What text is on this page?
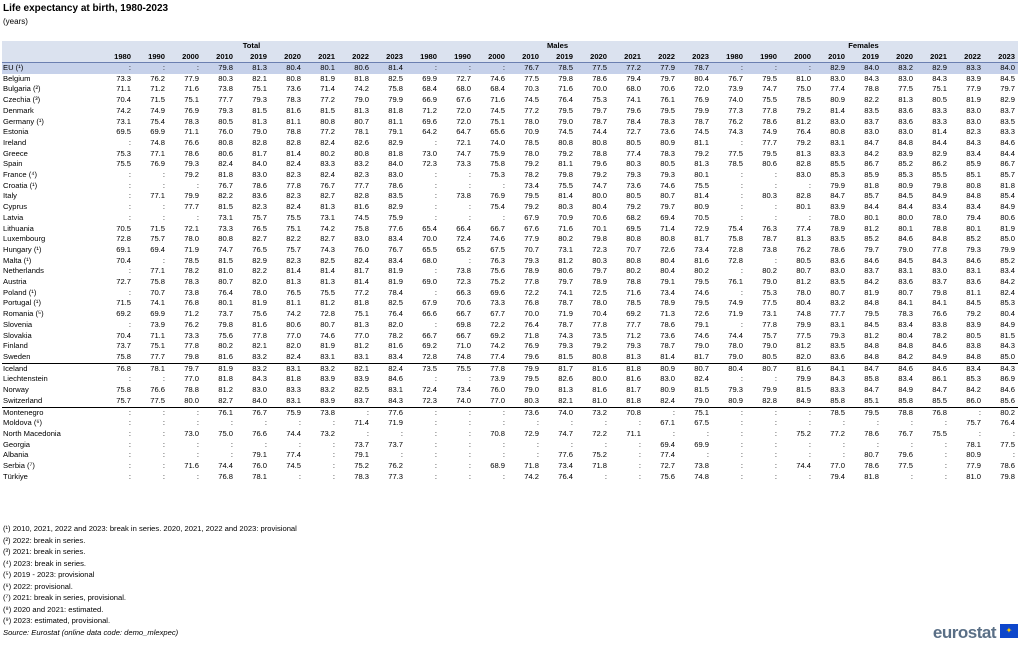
Life expectancy at birth, 1980-2023
(years)
	Total									Males									Females								
	1980	1990	2000	2010	2019	2020	2021	2022	2023	1980	1990	2000	2010	2019	2020	2021	2022	2023	1980	1990	2000	2010	2019	2020	2021	2022	2023
EU (¹)	:	:	:	79.8	81.3	80.4	80.1	80.6	81.4	:	:	:	76.7	78.5	77.5	77.2	77.9	78.7	:	:	:	82.9	84.0	83.2	82.9	83.3	84.0
Belgium	73.3	76.2	77.9	80.3	82.1	80.8	81.9	81.8	82.5	69.9	72.7	74.6	77.5	79.8	78.6	79.4	79.7	80.4	76.7	79.5	81.0	83.0	84.3	83.0	84.3	83.9	84.5
Bulgaria (²)	71.1	71.2	71.6	73.8	75.1	73.6	71.4	74.2	75.8	68.4	68.0	68.4	70.3	71.6	70.0	68.0	70.6	72.0	73.9	74.7	75.0	77.4	78.8	77.5	75.1	77.9	79.7
Czechia (³)	70.4	71.5	75.1	77.7	79.3	78.3	77.2	79.0	79.9	66.9	67.6	71.6	74.5	76.4	75.3	74.1	76.1	76.9	74.0	75.5	78.5	80.9	82.2	81.3	80.5	81.9	82.9
Denmark	74.2	74.9	76.9	79.3	81.5	81.6	81.5	81.3	81.8	71.2	72.0	74.5	77.2	79.5	79.7	79.6	79.5	79.9	77.3	77.8	79.2	81.4	83.5	83.6	83.3	83.0	83.7
Germany (¹)	73.1	75.4	78.3	80.5	81.3	81.1	80.8	80.7	81.1	69.6	72.0	75.1	78.0	79.0	78.7	78.4	78.3	78.7	76.2	78.6	81.2	83.0	83.7	83.6	83.3	83.0	83.5
Estonia	69.5	69.9	71.1	76.0	79.0	78.8	77.2	78.1	79.1	64.2	64.7	65.6	70.9	74.5	74.4	72.7	73.6	74.5	74.3	74.9	76.4	80.8	83.0	83.0	81.4	82.3	83.3
Ireland	:	74.8	76.6	80.8	82.8	82.8	82.4	82.6	82.9	:	72.1	74.0	78.5	80.8	80.8	80.5	80.9	81.1	:	77.7	79.2	83.1	84.7	84.8	84.4	84.3	84.6
Greece	75.3	77.1	78.6	80.6	81.7	81.4	80.2	80.8	81.8	73.0	74.7	75.9	78.0	79.2	78.8	77.4	78.3	79.2	77.5	79.5	81.3	83.3	84.2	83.9	82.9	83.4	84.4
Spain	75.5	76.9	79.3	82.4	84.0	82.4	83.3	83.2	84.0	72.3	73.3	75.8	79.2	81.1	79.6	80.3	80.5	81.3	78.5	80.6	82.8	85.5	86.7	85.2	86.2	85.9	86.7
France (⁴)	:	:	79.2	81.8	83.0	82.3	82.4	82.3	83.0	:	:	75.3	78.2	79.8	79.2	79.3	79.3	80.1	:	:	83.0	85.3	85.9	85.3	85.5	85.1	85.7
Croatia (¹)	:	:	:	76.7	78.6	77.8	76.7	77.7	78.6	:	:	:	73.4	75.5	74.7	73.6	74.6	75.5	:	:	:	79.9	81.8	80.9	79.8	80.8	81.8
Italy	:	77.1	79.9	82.2	83.6	82.3	82.7	82.8	83.5	:	73.8	76.9	79.5	81.4	80.0	80.5	80.7	81.4	:	80.3	82.8	84.7	85.7	84.5	84.9	84.8	85.4
Cyprus	:	:	77.7	81.5	82.3	82.4	81.3	81.6	82.9	:	:	75.4	79.2	80.3	80.4	79.2	79.7	80.9	:	:	80.1	83.9	84.4	84.4	83.4	83.4	84.9
Latvia	:	:	:	73.1	75.7	75.5	73.1	74.5	75.9	:	:	:	67.9	70.9	70.6	68.2	69.4	70.5	:	:	:	78.0	80.1	80.0	78.0	79.4	80.6
Lithuania	70.5	71.5	72.1	73.3	76.5	75.1	74.2	75.8	77.6	65.4	66.4	66.7	67.6	71.6	70.1	69.5	71.4	72.9	75.4	76.3	77.4	78.9	81.2	80.1	78.8	80.1	81.9
Luxembourg	72.8	75.7	78.0	80.8	82.7	82.2	82.7	83.0	83.4	70.0	72.4	74.6	77.9	80.2	79.8	80.8	80.8	81.7	75.8	78.7	81.3	83.5	85.2	84.6	84.8	85.2	85.0
Hungary (¹)	69.1	69.4	71.9	74.7	76.5	75.7	74.3	76.0	76.7	65.5	65.2	67.5	70.7	73.1	72.3	70.7	72.6	73.4	72.8	73.8	76.2	78.6	79.7	79.0	77.8	79.3	79.9
Malta (¹)	70.4	:	78.5	81.5	82.9	82.3	82.5	82.4	83.4	68.0	:	76.3	79.3	81.2	80.3	80.8	80.4	81.6	72.8	:	80.5	83.6	84.6	84.5	84.3	84.6	85.2
Netherlands	:	77.1	78.2	81.0	82.2	81.4	81.4	81.7	81.9	:	73.8	75.6	78.9	80.6	79.7	80.2	80.4	80.2	:	80.2	80.7	83.0	83.7	83.1	83.0	83.1	83.4
Austria	72.7	75.8	78.3	80.7	82.0	81.3	81.3	81.4	81.9	69.0	72.3	75.2	77.8	79.7	78.9	78.8	79.1	79.5	76.1	79.0	81.2	83.5	84.2	83.6	83.7	83.6	84.2
Poland (¹)	:	70.7	73.8	76.4	78.0	76.5	75.5	77.2	78.4	:	66.3	69.6	72.2	74.1	72.5	71.6	73.4	74.6	:	75.3	78.0	80.7	81.9	80.7	79.8	81.1	82.4
Portugal (¹)	71.5	74.1	76.8	80.1	81.9	81.1	81.2	81.8	82.5	67.9	70.6	73.3	76.8	78.7	78.0	78.5	78.9	79.5	74.9	77.5	80.4	83.2	84.8	84.1	84.1	84.5	85.3
Romania (⁵)	69.2	69.9	71.2	73.7	75.6	74.2	72.8	75.1	76.4	66.6	66.7	67.7	70.0	71.9	70.4	69.2	71.3	72.6	71.9	73.1	74.8	77.7	79.5	78.3	76.6	79.2	80.4
Slovenia	:	73.9	76.2	79.8	81.6	80.6	80.7	81.3	82.0	:	69.8	72.2	76.4	78.7	77.8	77.7	78.6	79.1	:	77.8	79.9	83.1	84.5	83.4	83.8	83.9	84.9
Slovakia	70.4	71.1	73.3	75.6	77.8	77.0	74.6	77.0	78.2	66.7	66.7	69.2	71.8	74.3	73.5	71.2	73.6	74.6	74.4	75.7	77.5	79.3	81.2	80.4	78.2	80.5	81.5
Finland	73.7	75.1	77.8	80.2	82.1	82.0	81.9	81.2	81.6	69.2	71.0	74.2	76.9	79.3	79.2	79.3	78.7	79.0	78.0	79.0	81.2	83.5	84.8	84.8	84.6	83.8	84.3
Sweden	75.8	77.7	79.8	81.6	83.2	82.4	83.1	83.1	83.4	72.8	74.8	77.4	79.6	81.5	80.8	81.3	81.4	81.7	79.0	80.5	82.0	83.6	84.8	84.2	84.9	84.8	85.0
Iceland	76.8	78.1	79.7	81.9	83.2	83.1	83.2	82.1	82.4	73.5	75.5	77.8	79.9	81.7	81.6	81.8	80.9	80.7	80.4	80.7	81.6	84.1	84.7	84.6	84.6	83.4	84.3
Liechtenstein	:	:	77.0	81.8	84.3	81.8	83.9	83.9	84.6	:	:	73.9	79.5	82.6	80.0	81.6	83.0	82.4	:	:	79.9	84.3	85.8	83.4	86.1	85.3	86.9
Norway	75.8	76.6	78.8	81.2	83.0	83.3	83.2	82.5	83.1	72.4	73.4	76.0	79.0	81.3	81.6	81.7	80.9	81.5	79.3	79.9	81.5	83.3	84.7	84.9	84.7	84.2	84.6
Switzerland	75.7	77.5	80.0	82.7	84.0	83.1	83.9	83.7	84.3	72.3	74.0	77.0	80.3	82.1	81.0	81.8	82.4	79.0	80.9	82.8	84.9	85.8	85.1	85.8	85.5	86.0	85.6
Montenegro	:	:	:	76.1	76.7	75.9	73.8	:	77.6	:	:	:	73.6	74.0	73.2	70.8	:	75.1	:	:	:	78.5	79.5	78.8	76.8	:	80.2
Moldova (⁶)	:	:	:	:	:	:	:	71.4	71.9	:	:	:	:	:	:	:	67.1	67.5	:	:	:	:	:	:	:	75.7	76.4
North Macedonia	:	:	73.0	75.0	76.6	74.4	73.2	:	:	:	:	70.8	72.9	74.7	72.2	71.1	:	:	:	:	75.2	77.2	78.6	76.7	75.5	:	:
Georgia	:	:	:	:	:	:	:	73.7	73.7	:	:	:	:	:	:	:	69.4	69.9	:	:	:	:	:	:	:	78.1	77.5
Albania	:	:	:	:	79.1	77.4	:	79.1	:	:	:	:	:	77.6	75.2	:	77.4	:	:	:	:	:	80.7	79.6	:	80.9	:
Serbia (⁷)	:	:	71.6	74.4	76.0	74.5	:	75.2	76.2	:	:	68.9	71.8	73.4	71.8	:	72.7	73.8	:	:	74.4	77.0	78.6	77.5	:	77.9	78.6
Türkiye	:	:	:	76.8	78.1	:	:	78.3	77.3	:	:	:	74.2	76.4	:	:	75.6	74.8	:	:	:	79.4	81.8	:	:	81.0	79.8
(¹) 2010, 2021, 2022 and 2023: break in series. 2020, 2021, 2022 and 2023: provisional
(²) 2022: break in series.
(³) 2021: break in series.
(⁴) 2023: break in series.
(⁵) 2019 - 2023: provisional
(⁶) 2022: provisional.
(⁷) 2021: break in series, provisional.
(⁸) 2020 and 2021: estimated.
(⁹) 2023: estimated, provisional.
Source: Eurostat (online data code: demo_mlexpec)	eurostat	✦
